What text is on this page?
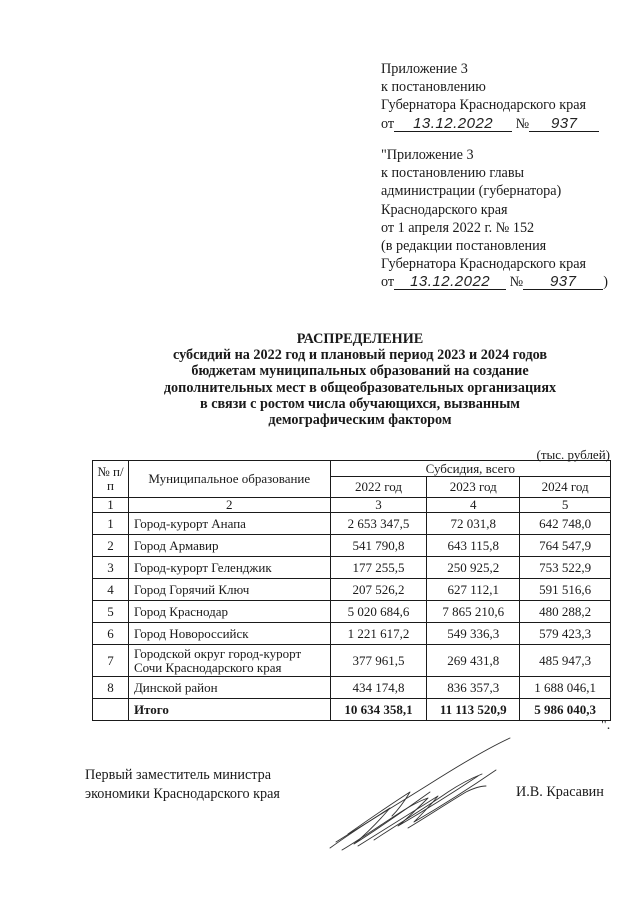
Приложение 3
к постановлению
Губернатора Краснодарского края
от 13.12.2022 № 937
"Приложение 3
к постановлению главы
администрации (губернатора)
Краснодарского края
от 1 апреля 2022 г. № 152
(в редакции постановления
Губернатора Краснодарского края
от 13.12.2022 № 937 )
РАСПРЕДЕЛЕНИЕ
субсидий на 2022 год и плановый период 2023 и 2024 годов
бюджетам муниципальных образований на создание
дополнительных мест в общеобразовательных организациях
в связи с ростом числа обучающихся, вызванным
демографическим фактором
(тыс. рублей)
№ п/п	Муниципальное образование	Субсидия, всего		
		2022 год	2023 год	2024 год
1	2	3	4	5
1	Город-курорт Анапа	2 653 347,5	72 031,8	642 748,0
2	Город Армавир	541 790,8	643 115,8	764 547,9
3	Город-курорт Геленджик	177 255,5	250 925,2	753 522,9
4	Город Горячий Ключ	207 526,2	627 112,1	591 516,6
5	Город Краснодар	5 020 684,6	7 865 210,6	480 288,2
6	Город Новороссийск	1 221 617,2	549 336,3	579 423,3
7	Городской округ город-курорт
Сочи Краснодарского края	377 961,5	269 431,8	485 947,3
8	Динской район	434 174,8	836 357,3	1 688 046,1
	Итого	10 634 358,1	11 113 520,9	5 986 040,3
".
Первый заместитель министра
экономики Краснодарского края	И.В. Красавин
